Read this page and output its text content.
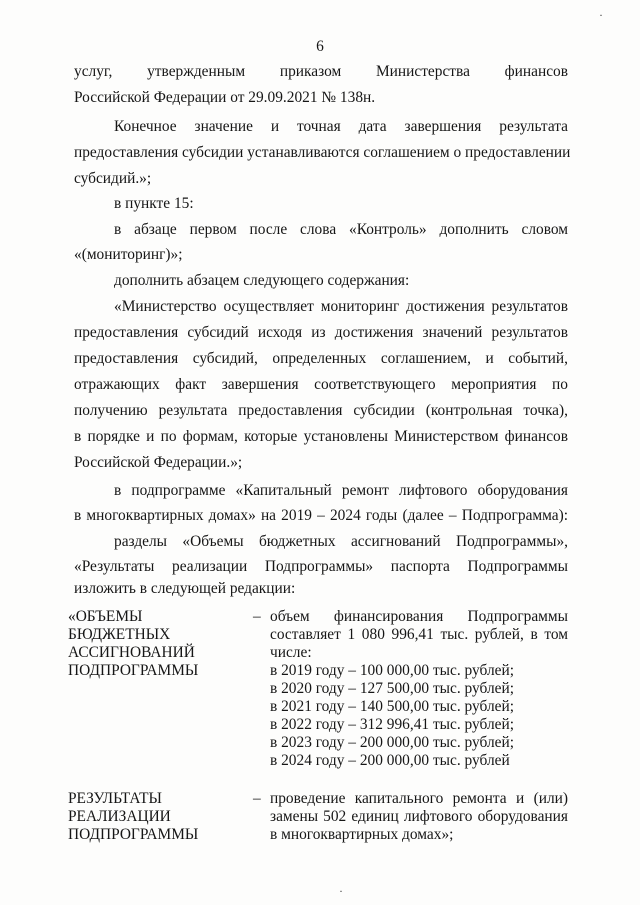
6
услуг, утвержденным приказом Министерства финансов
Российской Федерации от 29.09.2021 № 138н.
Конечное значение и точная дата завершения результата
предоставления субсидии устанавливаются соглашением о предоставлении
субсидий.»;
в пункте 15:
в абзаце первом после слова «Контроль» дополнить словом
«(мониторинг)»;
дополнить абзацем следующего содержания:
«Министерство осуществляет мониторинг достижения результатов
предоставления субсидий исходя из достижения значений результатов
предоставления субсидий, определенных соглашением, и событий,
отражающих факт завершения соответствующего мероприятия по
получению результата предоставления субсидии (контрольная точка),
в порядке и по формам, которые установлены Министерством финансов
Российской Федерации.»;
в подпрограмме «Капитальный ремонт лифтового оборудования
в многоквартирных домах» на 2019 – 2024 годы (далее – Подпрограмма):
разделы «Объемы бюджетных ассигнований Подпрограммы»,
«Результаты реализации Подпрограммы» паспорта Подпрограммы
изложить в следующей редакции:
«ОБЪЕМЫ
БЮДЖЕТНЫХ
АССИГНОВАНИЙ
ПОДПРОГРАММЫ
– объем финансирования Подпрограммы
составляет 1 080 996,41 тыс. рублей, в том
числе:
в 2019 году – 100 000,00 тыс. рублей;
в 2020 году – 127 500,00 тыс. рублей;
в 2021 году – 140 500,00 тыс. рублей;
в 2022 году – 312 996,41 тыс. рублей;
в 2023 году – 200 000,00 тыс. рублей;
в 2024 году – 200 000,00 тыс. рублей
РЕЗУЛЬТАТЫ
РЕАЛИЗАЦИИ
ПОДПРОГРАММЫ
– проведение капитального ремонта и (или)
замены 502 единиц лифтового оборудования
в многоквартирных домах»;
·
·
